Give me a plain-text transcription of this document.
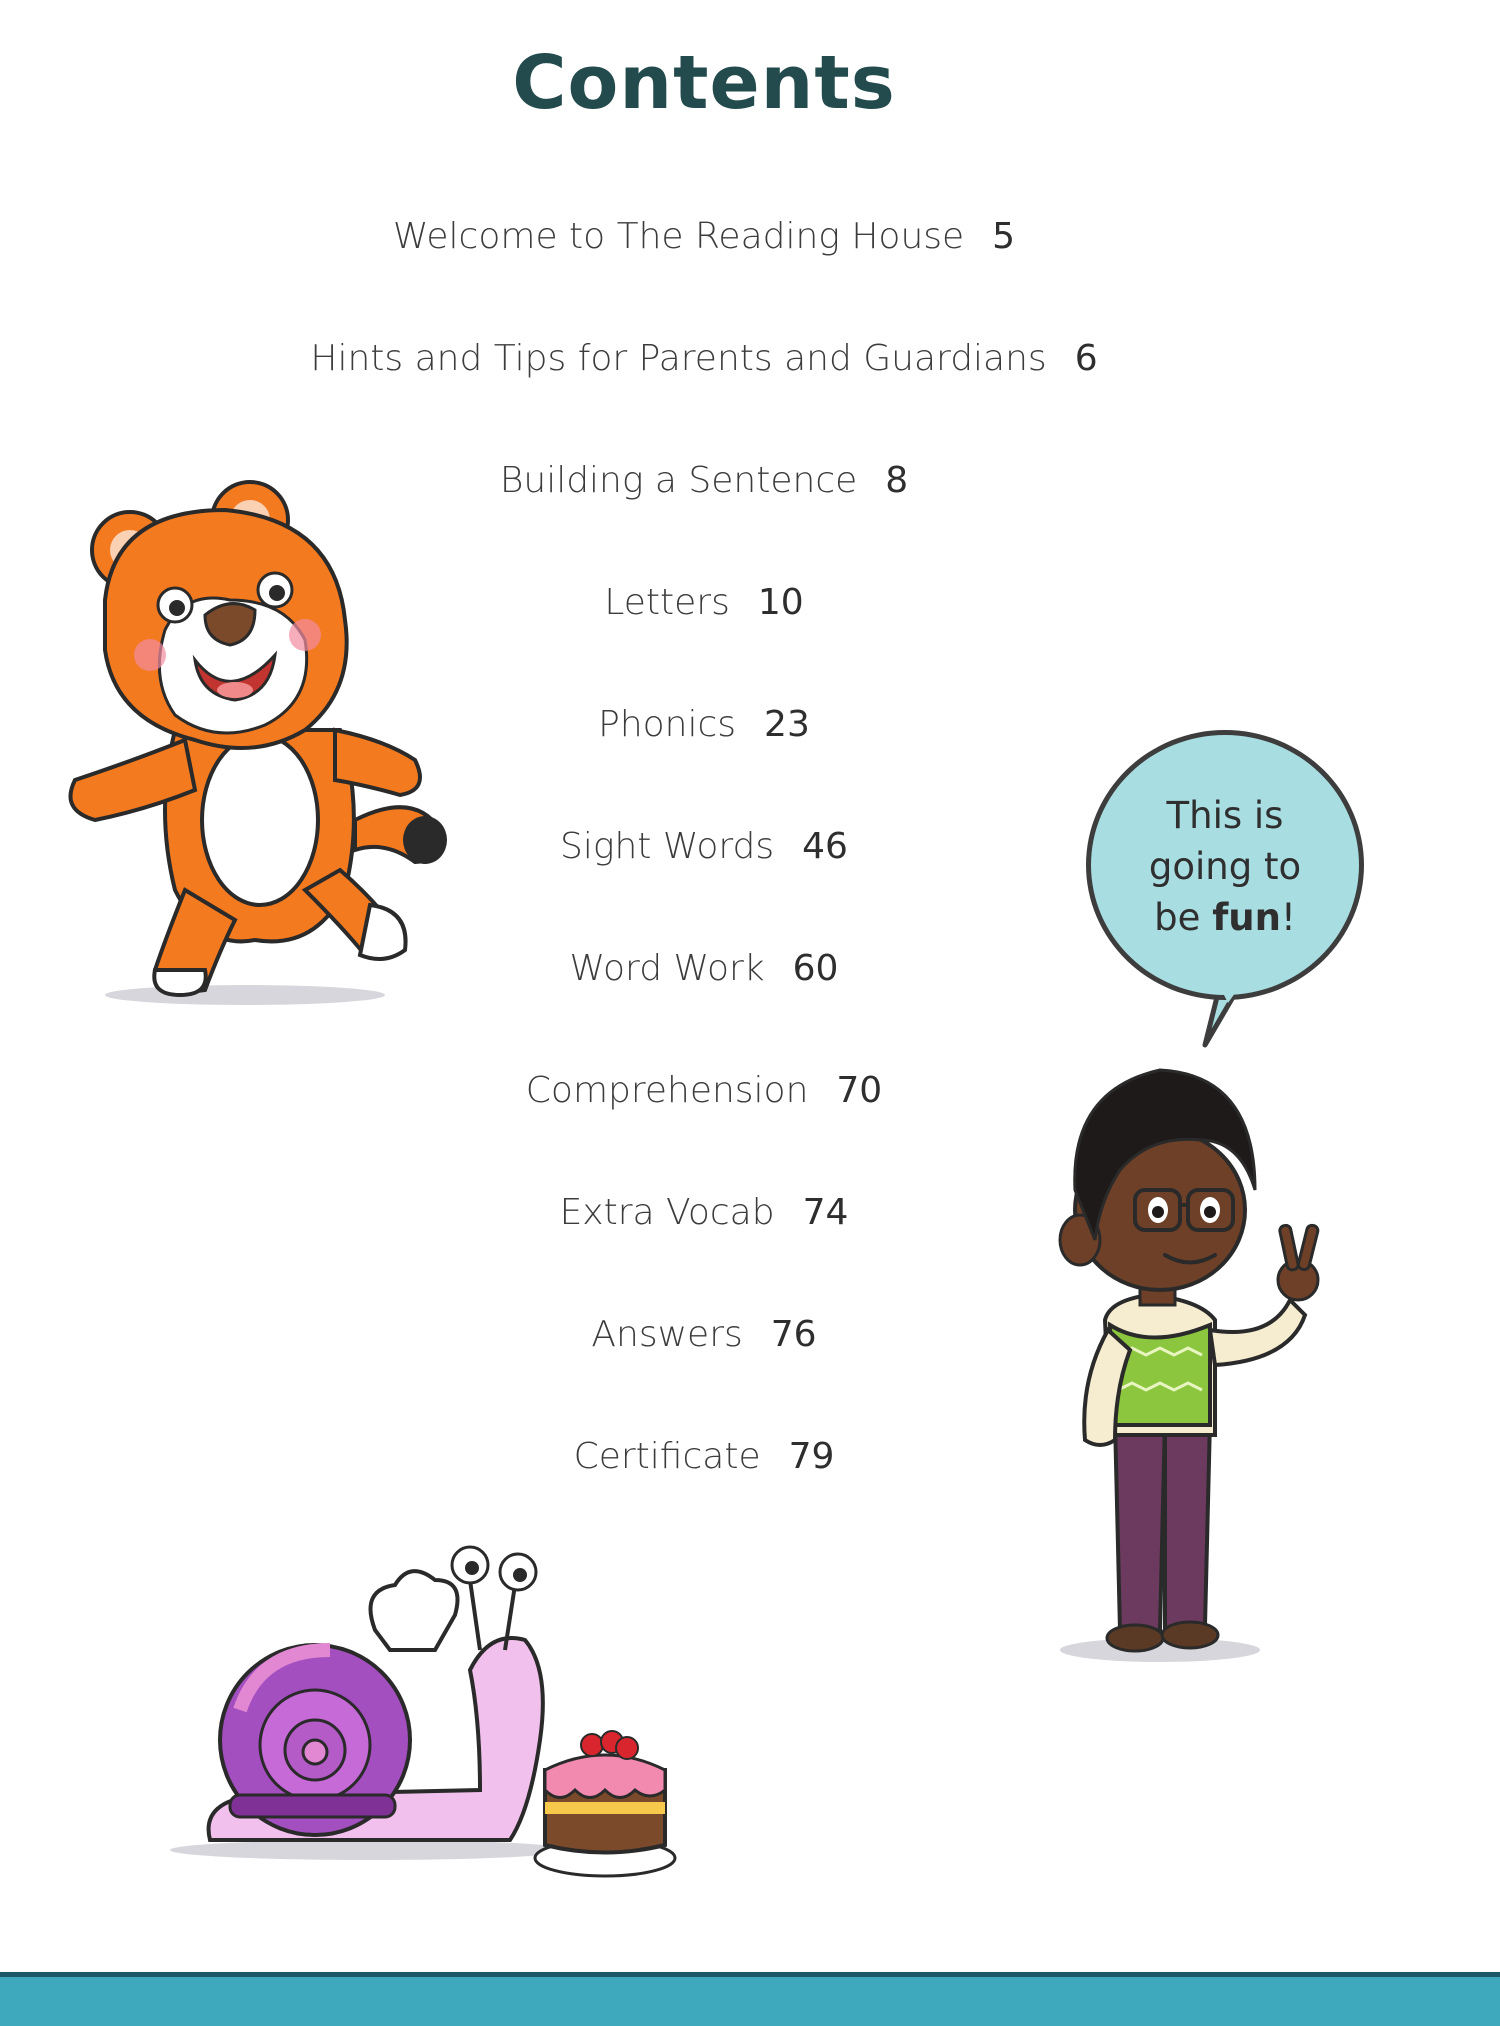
Contents
Welcome to The Reading House 5
Hints and Tips for Parents and Guardians 6
Building a Sentence 8
Letters 10
Phonics 23
Sight Words 46
Word Work 60
Comprehension 70
Extra Vocab 74
Answers 76
Certificate 79
This is
going to
be fun!
